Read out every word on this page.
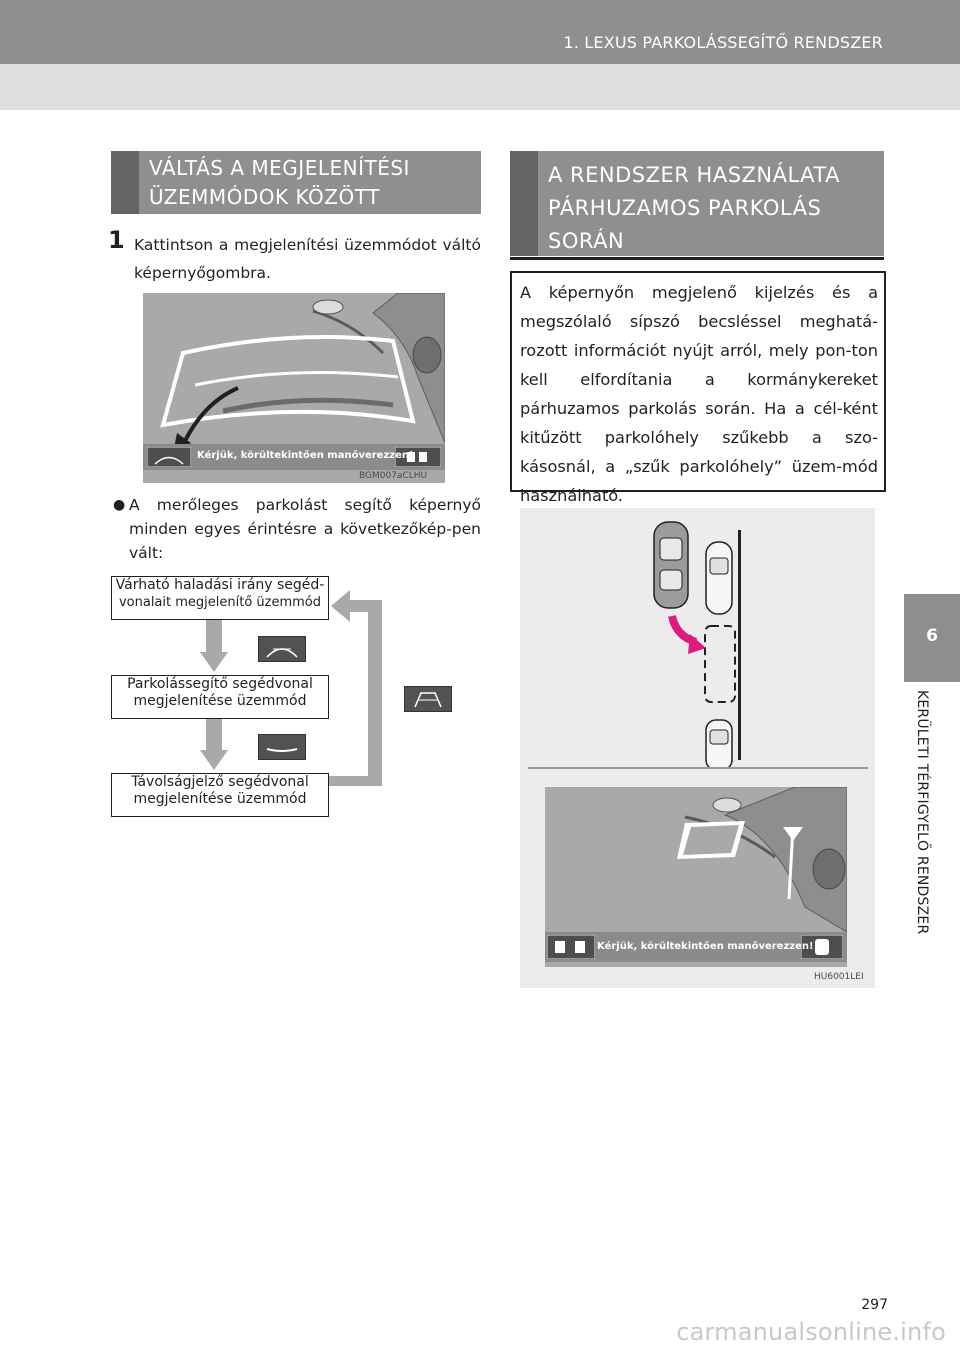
1. LEXUS PARKOLÁSSEGÍTŐ RENDSZER
6
KERÜLETI TÉRFIGYELŐ RENDSZER
VÁLTÁS A MEGJELENÍTÉSI
ÜZEMMÓDOK KÖZÖTT
1 Kattintson a megjelenítési üzemmódot váltó képernyőgombra.
Kérjük, körültekintően manőverezzen!
BGM007aCLHU
● A merőleges parkolást segítő képernyő minden egyes érintésre a következőkép-pen vált:
Várható haladási irány segéd-
vonalait megjelenítő üzemmód
Parkolássegítő segédvonal
megjelenítése üzemmód
Távolságjelző segédvonal
megjelenítése üzemmód
A RENDSZER HASZNÁLATA
PÁRHUZAMOS PARKOLÁS
SORÁN
A képernyőn megjelenő kijelzés és a megszólaló sípszó becsléssel meghatá-rozott információt nyújt arról, mely pon-ton kell elfordítania a kormánykereket párhuzamos parkolás során. Ha a cél-ként kitűzött parkolóhely szűkebb a szo-kásosnál, a „szűk parkolóhely” üzem-mód használható.
Kérjük, körültekintően manőverezzen!
HU6001LEI
297
carmanualsonline.info
